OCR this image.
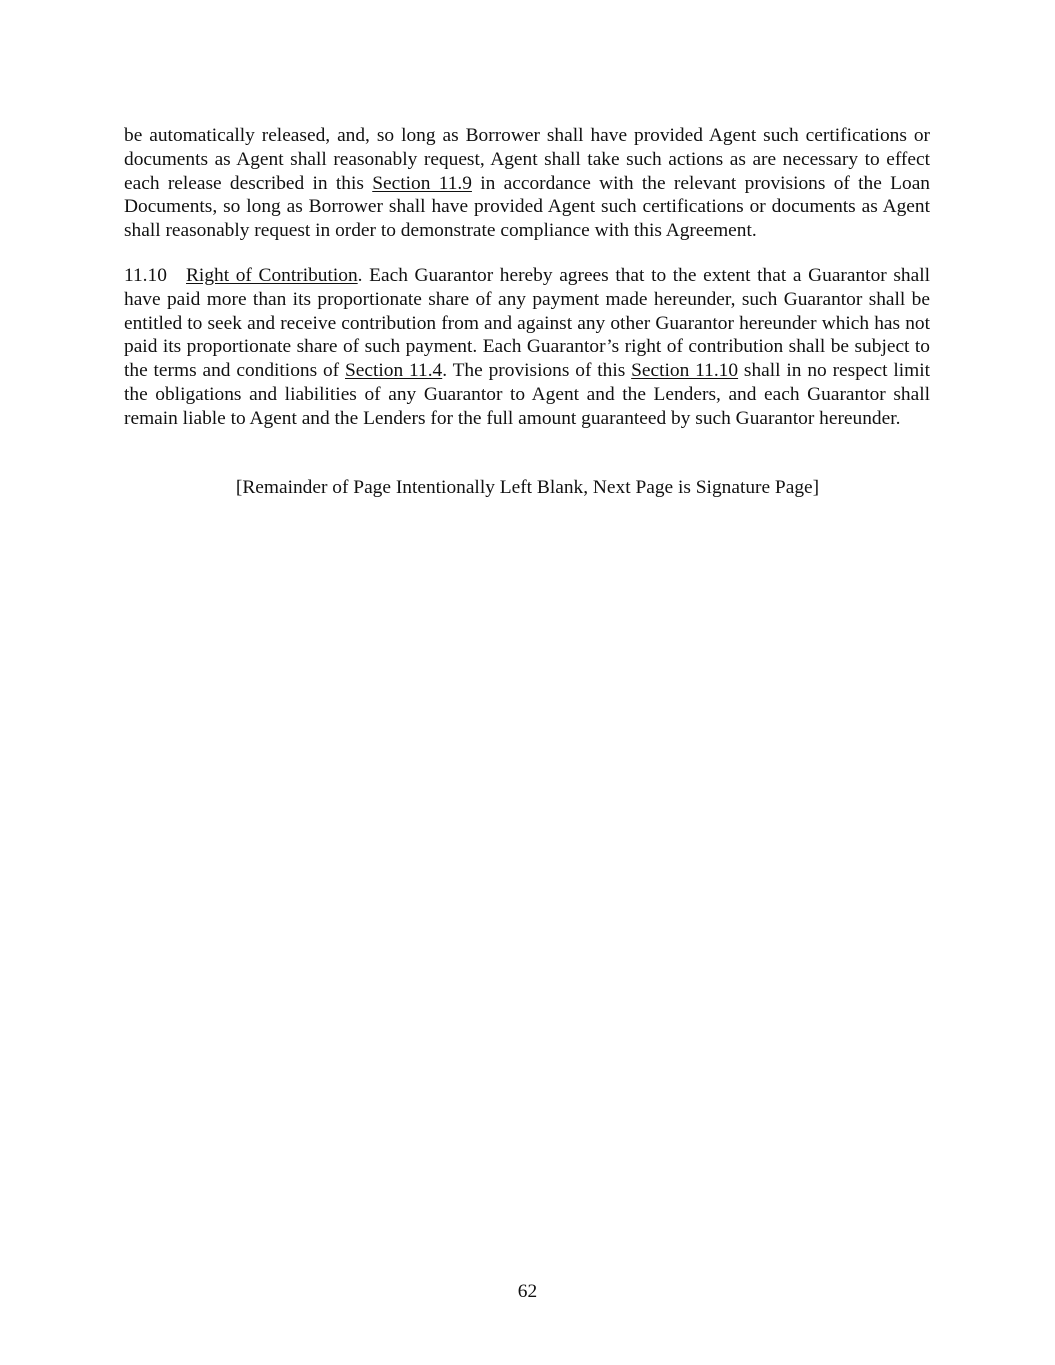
be automatically released, and, so long as Borrower shall have provided Agent such certifications or documents as Agent shall reasonably request, Agent shall take such actions as are necessary to effect each release described in this Section 11.9 in accordance with the relevant provisions of the Loan Documents, so long as Borrower shall have provided Agent such certifications or documents as Agent shall reasonably request in order to demonstrate compliance with this Agreement.

11.10 Right of Contribution. Each Guarantor hereby agrees that to the extent that a Guarantor shall have paid more than its proportionate share of any payment made hereunder, such Guarantor shall be entitled to seek and receive contribution from and against any other Guarantor hereunder which has not paid its proportionate share of such payment. Each Guarantor’s right of contribution shall be subject to the terms and conditions of Section 11.4. The provisions of this Section 11.10 shall in no respect limit the obligations and liabilities of any Guarantor to Agent and the Lenders, and each Guarantor shall remain liable to Agent and the Lenders for the full amount guaranteed by such Guarantor hereunder.

[Remainder of Page Intentionally Left Blank, Next Page is Signature Page]

62
